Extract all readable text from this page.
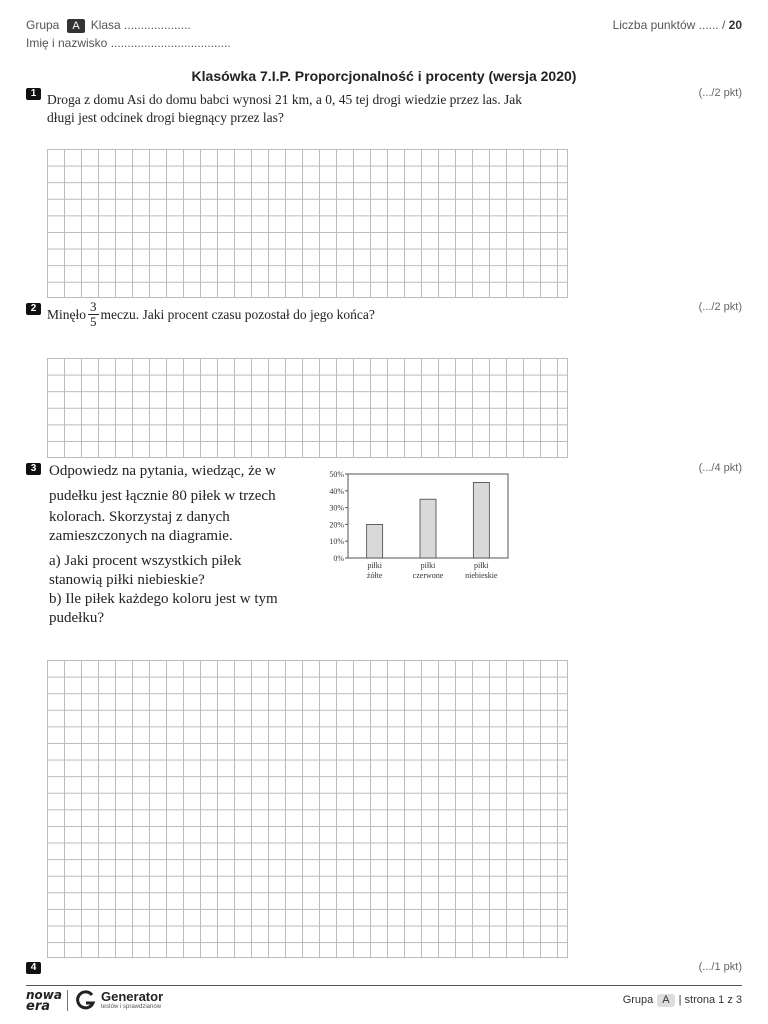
Grupa A Klasa ....................
Imię i nazwisko ....................................
Liczba punktów ...... / 20
Klasówka 7.I.P. Proporcjonalność i procenty (wersja 2020)
1	(.../2 pkt)
Droga z domu Asi do domu babci wynosi 21 km, a 0, 45 tej drogi wiedzie przez las. Jak
długi jest odcinek drogi biegnący przez las?
2	(.../2 pkt)
Minęło $\frac{3}{5}$ meczu. Jaki procent czasu pozostał do jego końca?
3	(.../4 pkt)
Odpowiedz na pytania, wiedząc, że w
pudełku jest łącznie 80 piłek w trzech
kolorach. Skorzystaj z danych
zamieszczonych na diagramie.
a) Jaki procent wszystkich piłek
stanowią piłki niebieskie?
b) Ile piłek każdego koloru jest w tym
pudełku?
0%
10%
20%
30%
40%
50%
piłki
żółte
piłki
czerwone
piłki
niebieskie
4	(.../1 pkt)
nowa
era
Generator
testów i sprawdzianów
Grupa A | strona 1 z 3
